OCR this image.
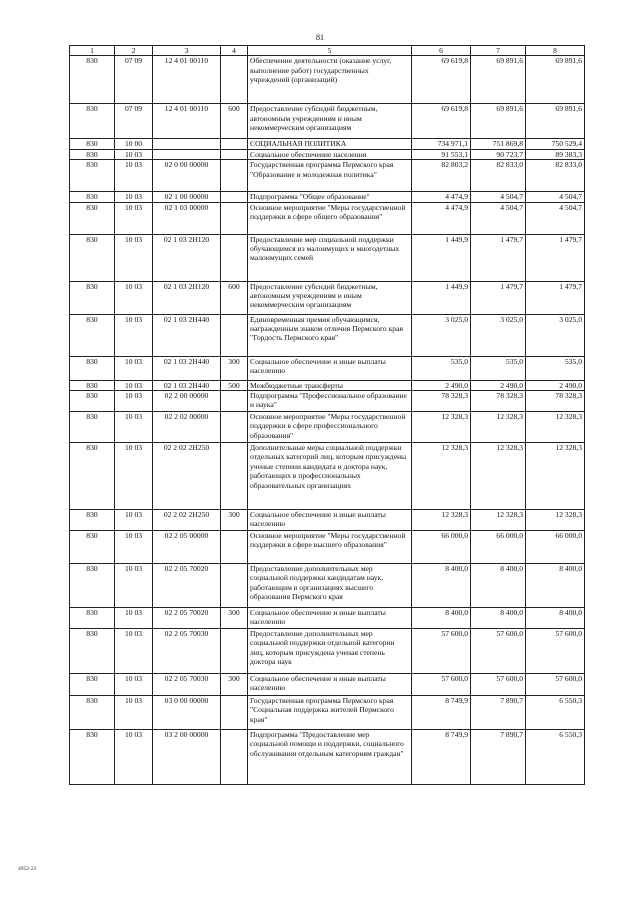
81
1	2	3	4	5	6	7	8
830	07 09	12 4 01 00110		Обеспечение деятельности (оказание услуг, выполнение работ) государственных учреждений (организаций)	69 619,8	69 891,6	69 891,6
830	07 09	12 4 01 00110	600	Предоставление субсидий бюджетным, автономным учреждениям и иным некоммерческим организациям	69 619,8	69 891,6	69 891,6
830	10 00			СОЦИАЛЬНАЯ ПОЛИТИКА	734 971,1	751 869,8	750 529,4
830	10 03			Социальное обеспечение населения	91 553,1	90 723,7	89 383,3
830	10 03	02 0 00 00000		Государственная программа Пермского края "Образование и молодежная политика"	82 803,2	82 833,0	82 833,0
830	10 03	02 1 00 00000		Подпрограмма "Общее образование"	4 474,9	4 504,7	4 504,7
830	10 03	02 1 03 00000		Основное мероприятие "Меры государственной поддержки в сфере общего образования"	4 474,9	4 504,7	4 504,7
830	10 03	02 1 03 2Н120		Предоставление мер социальной поддержки обучающимся из малоимущих и многодетных малоимущих семей	1 449,9	1 479,7	1 479,7
830	10 03	02 1 03 2Н120	600	Предоставление субсидий бюджетным, автономным учреждениям и иным некоммерческим организациям	1 449,9	1 479,7	1 479,7
830	10 03	02 1 03 2Н440		Единовременная премия обучающимся, награжденным знаком отличия Пермского края "Гордость Пермского края"	3 025,0	3 025,0	3 025,0
830	10 03	02 1 03 2Н440	300	Социальное обеспечение и иные выплаты населению	535,0	535,0	535,0
830	10 03	02 1 03 2Н440	500	Межбюджетные трансферты	2 490,0	2 490,0	2 490,0
830	10 03	02 2 00 00000		Подпрограмма "Профессиональное образование и наука"	78 328,3	78 328,3	78 328,3
830	10 03	02 2 02 00000		Основное мероприятие "Меры государственной поддержки в сфере профессионального образования"	12 328,3	12 328,3	12 328,3
830	10 03	02 2 02 2Н250		Дополнительные меры социальной поддержки отдельных категорий лиц, которым присуждены ученые степени кандидата и доктора наук, работающих в профессиональных образовательных организациях	12 328,3	12 328,3	12 328,3
830	10 03	02 2 02 2Н250	300	Социальное обеспечение и иные выплаты населению	12 328,3	12 328,3	12 328,3
830	10 03	02 2 05 00000		Основное мероприятие "Меры государственной поддержки в сфере высшего образования"	66 000,0	66 000,0	66 000,0
830	10 03	02 2 05 70020		Предоставление дополнительных мер социальной поддержки кандидатам наук, работающим в организациях высшего образования Пермского края	8 400,0	8 400,0	8 400,0
830	10 03	02 2 05 70020	300	Социальное обеспечение и иные выплаты населению	8 400,0	8 400,0	8 400,0
830	10 03	02 2 05 70030		Предоставление дополнительных мер социальной поддержки отдельной категории лиц, которым присуждена ученая степень доктора наук	57 600,0	57 600,0	57 600,0
830	10 03	02 2 05 70030	300	Социальное обеспечение и иные выплаты населению	57 600,0	57 600,0	57 600,0
830	10 03	03 0 00 00000		Государственная программа Пермского края "Социальная поддержка жителей Пермского края"	8 749,9	7 890,7	6 550,3
830	10 03	03 2 00 00000		Подпрограмма "Предоставление мер социальной помощи и поддержки, социального обслуживания отдельным категориям граждан"	8 749,9	7 890,7	6 550,3
4952-22
